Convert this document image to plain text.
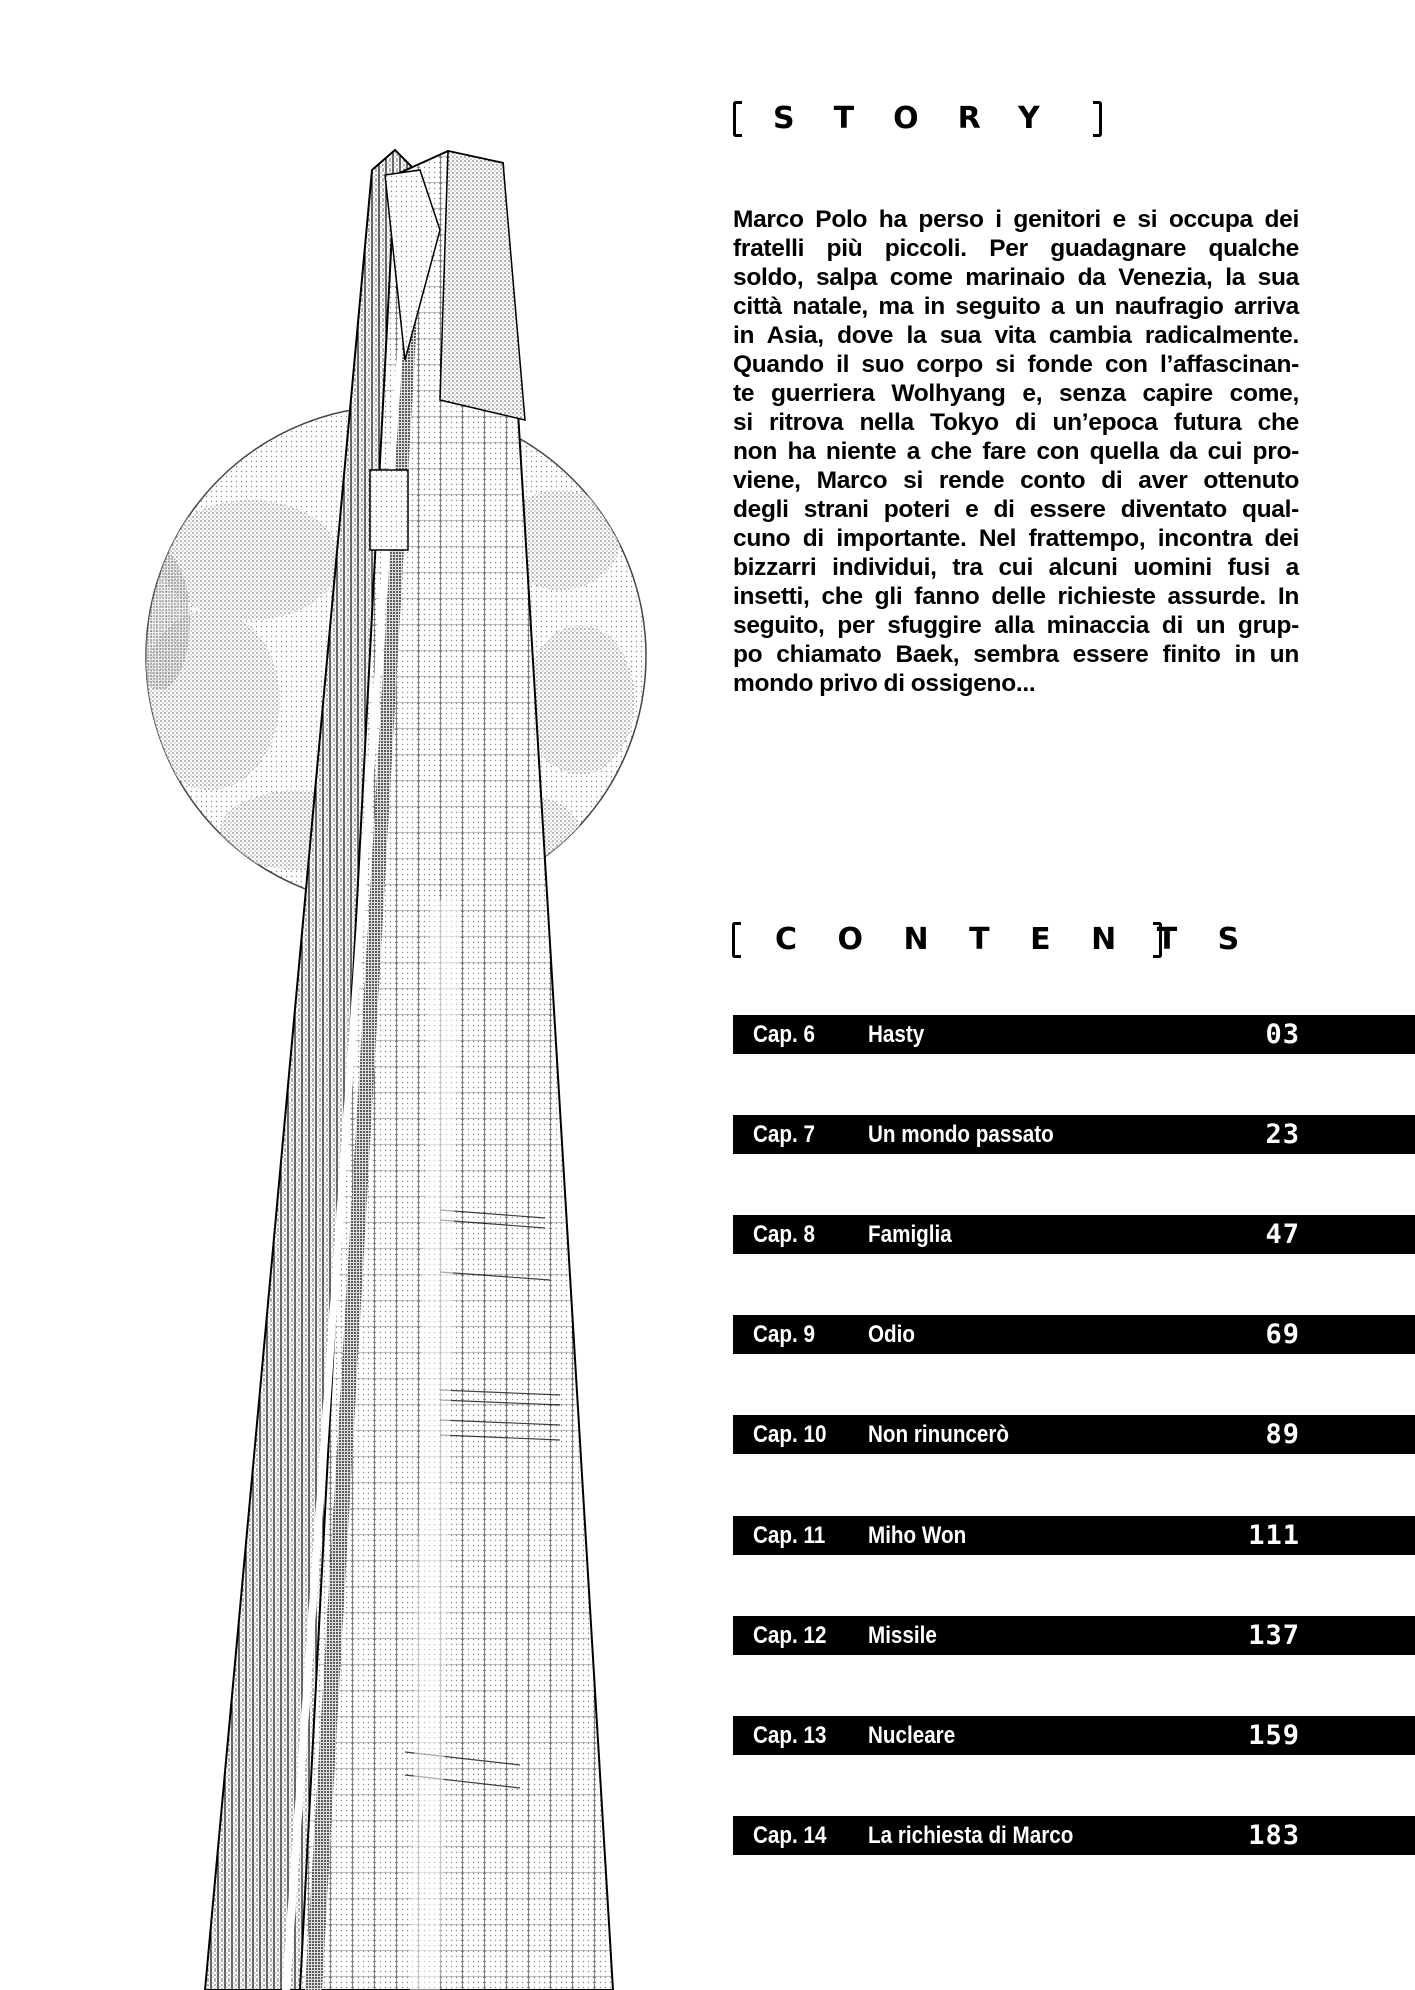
STORY
Marco Polo ha perso i genitori e si occupa dei
fratelli più piccoli. Per guadagnare qualche
soldo, salpa come marinaio da Venezia, la sua
città natale, ma in seguito a un naufragio arriva
in Asia, dove la sua vita cambia radicalmente.
Quando il suo corpo si fonde con l’affascinan-
te guerriera Wolhyang e, senza capire come,
si ritrova nella Tokyo di un’epoca futura che
non ha niente a che fare con quella da cui pro-
viene, Marco si rende conto di aver ottenuto
degli strani poteri e di essere diventato qual-
cuno di importante. Nel frattempo, incontra dei
bizzarri individui, tra cui alcuni uomini fusi a
insetti, che gli fanno delle richieste assurde. In
seguito, per sfuggire alla minaccia di un grup-
po chiamato Baek, sembra essere finito in un
mondo privo di ossigeno...
CONTENTS
Cap. 6 Hasty	03
Cap. 7 Un mondo passato	23
Cap. 8 Famiglia	47
Cap. 9 Odio	69
Cap. 10 Non rinuncerò	89
Cap. 11 Miho Won	111
Cap. 12 Missile	137
Cap. 13 Nucleare	159
Cap. 14 La richiesta di Marco	183
